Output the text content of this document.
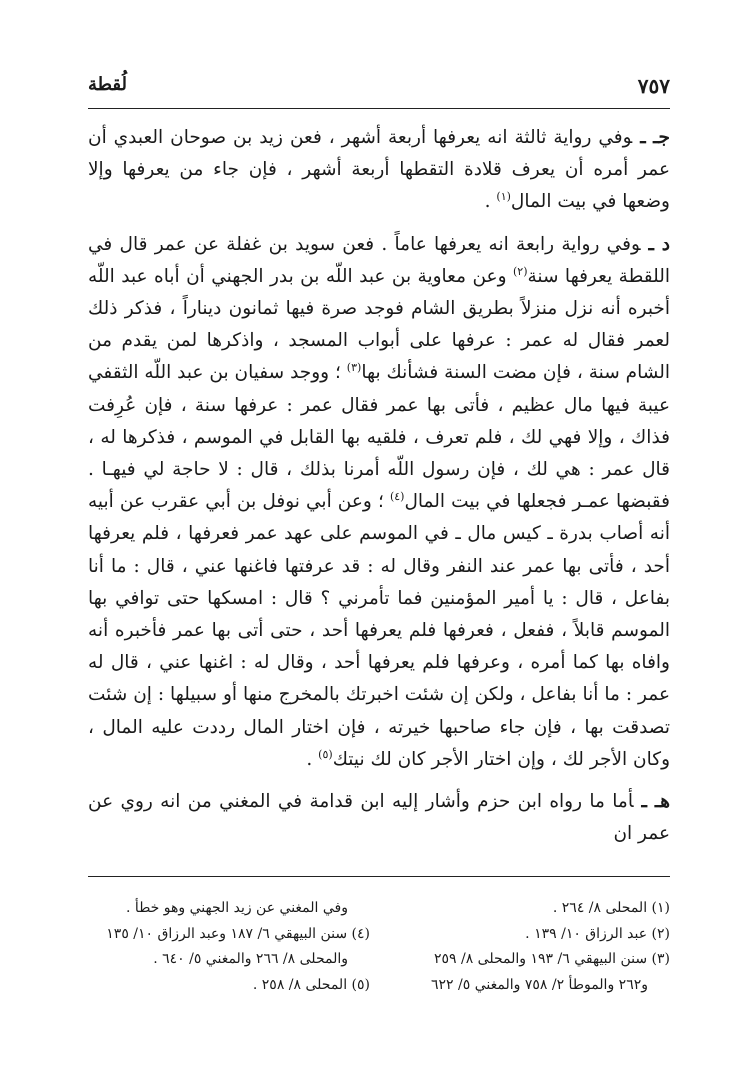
٧٥٧
لُقطة

جـ ـوفي رواية ثالثة انه يعرفها أربعة أشهر ، فعن زيد بن صوحان العبدي أن عمر أمره أن يعرف قلادة التقطها أربعة أشهر ، فإن جاء من يعرفها وإلا وضعها في بيت المال$^{(١)}$ .

د ـوفي رواية رابعة انه يعرفها عاماً . فعن سويد بن غفلة عن عمر قال في اللقطة يعرفها سنة$^{(٢)}$ وعن معاوية بن عبد اللّه بن بدر الجهني أن أباه عبد اللّه أخبره أنه نزل منزلاً بطريق الشام فوجد صرة فيها ثمانون ديناراً ، فذكر ذلك لعمر فقال له عمر : عرفها على أبواب المسجد ، واذكرها لمن يقدم من الشام سنة ، فإن مضت السنة فشأنك بها$^{(٣)}$ ؛ ووجد سفيان بن عبد اللّه الثقفي عيبة فيها مال عظيم ، فأتى بها عمر فقال عمر : عرفها سنة ، فإن عُرِفت فذاك ، وإلا فهي لك ، فلم تعرف ، فلقيه بها القابل في الموسم ، فذكرها له ، قال عمر : هي لك ، فإن رسول اللّه أمرنا بذلك ، قال : لا حاجة لي فيهـا . فقبضها عمـر فجعلها في بيت المال$^{(٤)}$ ؛ وعن أبي نوفل بن أبي عقرب عن أبيه أنه أصاب بدرة ـ كيس مال ـ في الموسم على عهد عمر فعرفها ، فلم يعرفها أحد ، فأتى بها عمر عند النفر وقال له : قد عرفتها فاغنها عني ، قال : ما أنا بفاعل ، قال : يا أمير المؤمنين فما تأمرني ؟ قال : امسكها حتى توافي بها الموسم قابلاً ، ففعل ، فعرفها فلم يعرفها أحد ، حتى أتى بها عمر فأخبره أنه وافاه بها كما أمره ، وعرفها فلم يعرفها أحد ، وقال له : اغنها عني ، قال له عمر : ما أنا بفاعل ، ولكن إن شئت اخبرتك بالمخرج منها أو سبيلها : إن شئت تصدقت بها ، فإن جاء صاحبها خيرته ، فإن اختار المال رددت عليه المال ، وكان الأجر لك ، وإن اختار الأجر كان لك نيتك$^{(٥)}$ .

هـ ـأما ما رواه ابن حزم وأشار إليه ابن قدامة في المغني من انه روي عن عمر ان

(١) المحلى ٨/ ٢٦٤ .

(٢) عبد الرزاق ١٠/ ١٣٩ .

(٣) سنن البيهقي ٦/ ١٩٣ والمحلى ٨/ ٢٥٩

و٢٦٢ والموطأ ٢/ ٧٥٨ والمغني ٥/ ٦٢٢

وفي المغني عن زيد الجهني وهو خطأ .

(٤) سنن البيهقي ٦/ ١٨٧ وعبد الرزاق ١٠/ ١٣٥

والمحلى ٨/ ٢٦٦ والمغني ٥/ ٦٤٠ .

(٥) المحلى ٨/ ٢٥٨ .
